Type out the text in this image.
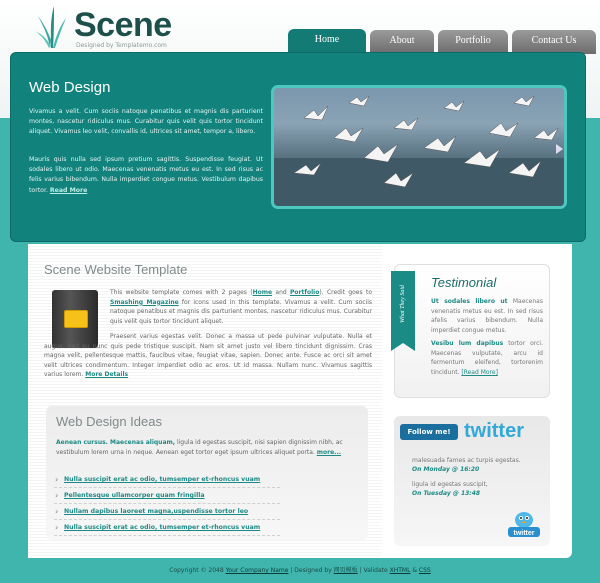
Scene
Designed by Templatemo.com
Home	About	Portfolio	Contact Us
Web Design

Vivamus a velit. Cum sociis natoque penatibus et magnis dis parturient montes, nascetur ridiculus mus. Curabitur quis velit quis tortor tincidunt aliquet. Vivamus leo velit, convallis id, ultrices sit amet, tempor a, libero.

Mauris quis nulla sed ipsum pretium sagittis. Suspendisse feugiat. Ut sodales libero ut odio. Maecenas venenatis metus eu est. In sed risus ac felis varius bibendum. Nulla imperdiet congue metus. Vestibulum dapibus tortor. Read More

Scene Website Template

This website template comes with 2 pages (Home and Portfolio). Credit goes to Smashing Magazine for icons used in this template. Vivamus a velit. Cum sociis natoque penatibus et magnis dis parturient montes, nascetur ridiculus mus. Curabitur quis velit quis tortor tincidunt aliquet.

Praesent varius egestas velit. Donec a massa ut pede pulvinar vulputate. Nulla et augue. Sed eu nunc quis pede tristique suscipit. Nam sit amet justo vel libero tincidunt dignissim. Cras magna velit, pellentesque mattis, faucibus vitae, feugiat vitae, sapien. Donec ante. Fusce ac orci sit amet velit ultrices condimentum. Integer imperdiet odio ac eros. Ut id massa. Nullam nunc. Vivamus sagittis varius lorem. More Details

Web Design Ideas

Aenean cursus. Maecenas aliquam, ligula id egestas suscipit, nisi sapien dignissim nibh, ac vestibulum lorem urna in neque. Aenean eget tortor eget ipsum ultrices aliquet porta. more...

› Nulla suscipit erat ac odio, tumsemper et-rhoncus vuam
› Pellentesque ullamcorper quam fringilla
› Nullam dapibus laoreet magna,uspendisse tortor leo
› Nulla suscipit erat ac odio, tumsemper et-rhoncus vuam
What They Said
Testimonial

Ut sodales libero ut Maecenas venenatis metus eu est. In sed risus afelis varius bibendum. Nulla imperdiet congue metus.

Vesibu lum dapibus tortor orci. Maecenas vulputate, arcu id fermentum eleifend, tortorenim tincidunt. [Read More]

Follow me! twitter

malesuada fames ac turpis egestas.
On Monday @ 16:20

ligula id egestas suscipit,
On Tuesday @ 13:48

twitter
Copyright © 2048 Your Company Name | Designed by 网页模板 | Validate XHTML & CSS
